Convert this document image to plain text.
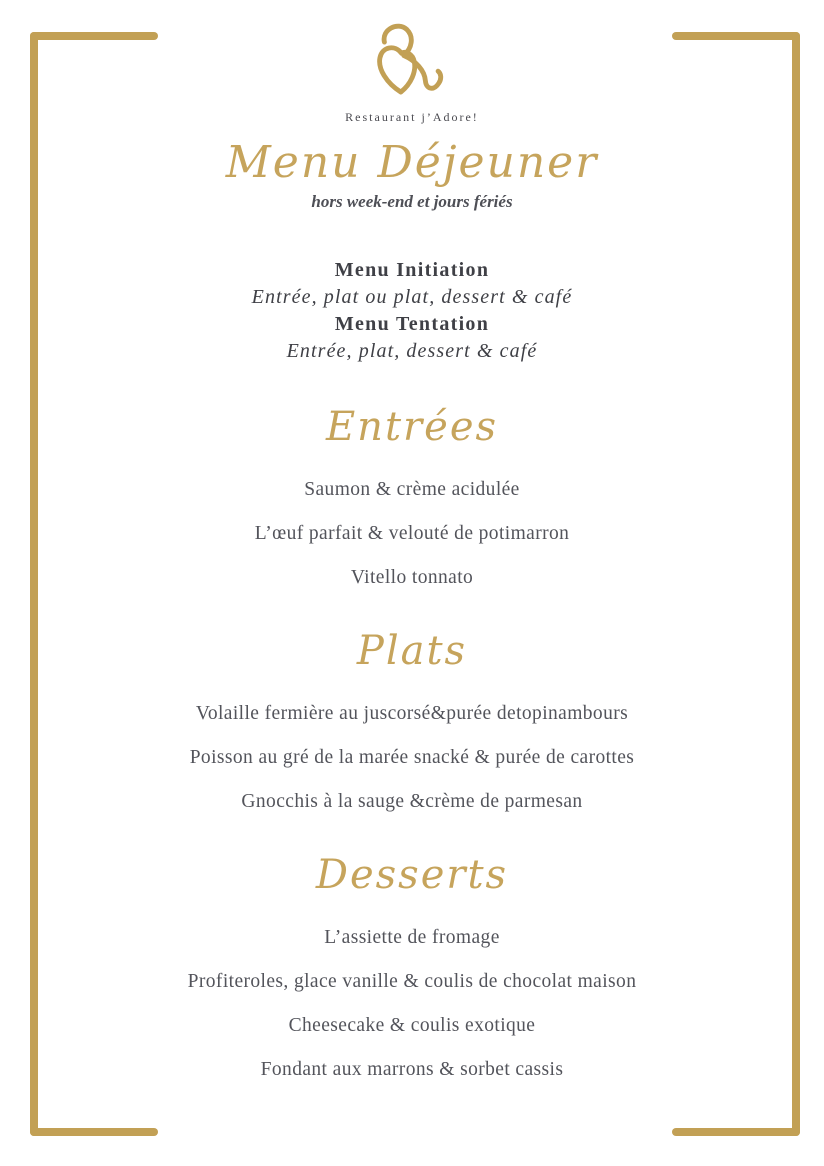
Restaurant j’Adore!
Menu Déjeuner
hors week-end et jours fériés
Menu Initiation
Entrée, plat ou plat, dessert & café
Menu Tentation
Entrée, plat, dessert & café
Entrées
Saumon & crème acidulée
L’œuf parfait & velouté de potimarron
Vitello tonnato
Plats
Volaille fermière au juscorsé&purée detopinambours
Poisson au gré de la marée snacké & purée de carottes
Gnocchis à la sauge &crème de parmesan
Desserts
L’assiette de fromage
Profiteroles, glace vanille & coulis de chocolat maison
Cheesecake & coulis exotique
Fondant aux marrons & sorbet cassis
